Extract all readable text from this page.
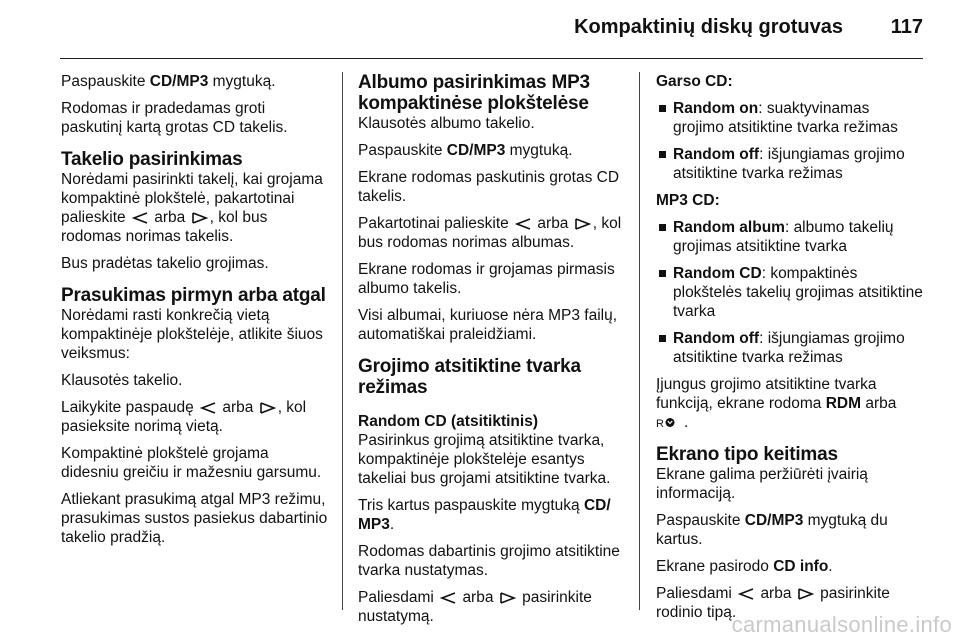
Kompaktinių diskų grotuvas 117

Paspauskite CD/MP3 mygtuką.

Rodomas ir pradedamas groti paskutinį kartą grotas CD takelis.

Takelio pasirinkimas

Norėdami pasirinkti takelį, kai grojama kompaktinė plokštelė, pakartotinai palieskite arba , kol bus rodomas norimas takelis.

Bus pradėtas takelio grojimas.

Prasukimas pirmyn arba atgal

Norėdami rasti konkrečią vietą kompaktinėje plokštelėje, atlikite šiuos veiksmus:

Klausotės takelio.

Laikykite paspaudę arba , kol pasieksite norimą vietą.

Kompaktinė plokštelė grojama didesniu greičiu ir mažesniu garsumu.

Atliekant prasukimą atgal MP3 režimu, prasukimas sustos pasiekus dabartinio takelio pradžią.

Albumo pasirinkimas MP3 kompaktinėse plokštelėse

Klausotės albumo takelio.

Paspauskite CD/MP3 mygtuką.

Ekrane rodomas paskutinis grotas CD takelis.

Pakartotinai palieskite arba , kol bus rodomas norimas albumas.

Ekrane rodomas ir grojamas pirmasis albumo takelis.

Visi albumai, kuriuose nėra MP3 failų, automatiškai praleidžiami.

Grojimo atsitiktine tvarka režimas
Random CD (atsitiktinis)

Pasirinkus grojimą atsitiktine tvarka, kompaktinėje plokštelėje esantys takeliai bus grojami atsitiktine tvarka.

Tris kartus paspauskite mygtuką CD/ MP3.

Rodomas dabartinis grojimo atsitiktine tvarka nustatymas.

Paliesdami arba pasirinkite nustatymą.

Garso CD:
Random on: suaktyvinamas grojimo atsitiktine tvarka režimas
Random off: išjungiamas grojimo atsitiktine tvarka režimas
MP3 CD:
Random album: albumo takelių grojimas atsitiktine tvarka
Random CD: kompaktinės plokštelės takelių grojimas atsitiktine tvarka
Random off: išjungiamas grojimo atsitiktine tvarka režimas

Įjungus grojimo atsitiktine tvarka funkciją, ekrane rodoma RDM arba

R .

Ekrano tipo keitimas

Ekrane galima peržiūrėti įvairią informaciją.

Paspauskite CD/MP3 mygtuką du kartus.

Ekrane pasirodo CD info.

Paliesdami arba pasirinkite rodinio tipą.

carmanualsonline.info
